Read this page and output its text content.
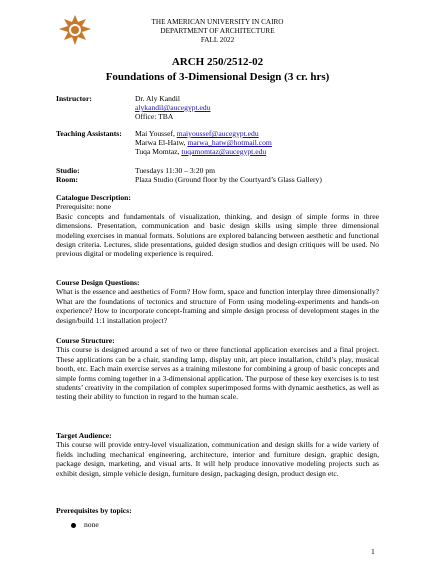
THE AMERICAN UNIVERSITY IN CAIRO
DEPARTMENT OF ARCHITECTURE
FALL 2022
ARCH 250/2512-02
Foundations of 3-Dimensional Design (3 cr. hrs)
Instructor:	Dr. Aly Kandil
alykandil@aucegypt.edu
Office: TBA
Teaching Assistants: Mai Youssef, maiyoussef@aucegypt.edu
Marwa El-Hatw, marwa_hatw@hotmail.com
Tuqa Momtaz, tuqamomtaz@aucegypt.edu
Studio:	Tuesdays 11:30 – 3:20 pm
Room:	Plaza Studio (Ground floor by the Courtyard’s Glass Gallery)
Catalogue Description:

Prerequisite: none

Basic concepts and fundamentals of visualization, thinking, and design of simple forms in three dimensions. Presentation, communication and basic design skills using simple three dimensional modeling exercises in manual formats. Solutions are explored balancing between aesthetic and functional design criteria. Lectures, slide presentations, guided design studios and design critiques will be used. No previous digital or modeling experience is required.

Course Design Questions:

What is the essence and aesthetics of Form? How form, space and function interplay three dimensionally? What are the foundations of tectonics and structure of Form using modeling-experiments and hands-on experience? How to incorporate concept-framing and simple design process of development stages in the design/build 1:1 installation project?

Course Structure:

This course is designed around a set of two or three functional application exercises and a final project. These applications can be a chair, standing lamp, display unit, art piece installation, child’s play, musical booth, etc. Each main exercise serves as a training milestone for combining a group of basic concepts and simple forms coming together in a 3-dimensional application. The purpose of these key exercises is to test students’ creativity in the compilation of complex superimposed forms with dynamic aesthetics, as well as testing their ability to function in regard to the human scale.

Target Audience:

This course will provide entry-level visualization, communication and design skills for a wide variety of fields including mechanical engineering, architecture, interior and furniture design, graphic design, package design, marketing, and visual arts. It will help produce innovative modeling projects such as exhibit design, simple vehicle design, furniture design, packaging design, product design etc.

Prerequisites by topics:
none
1
